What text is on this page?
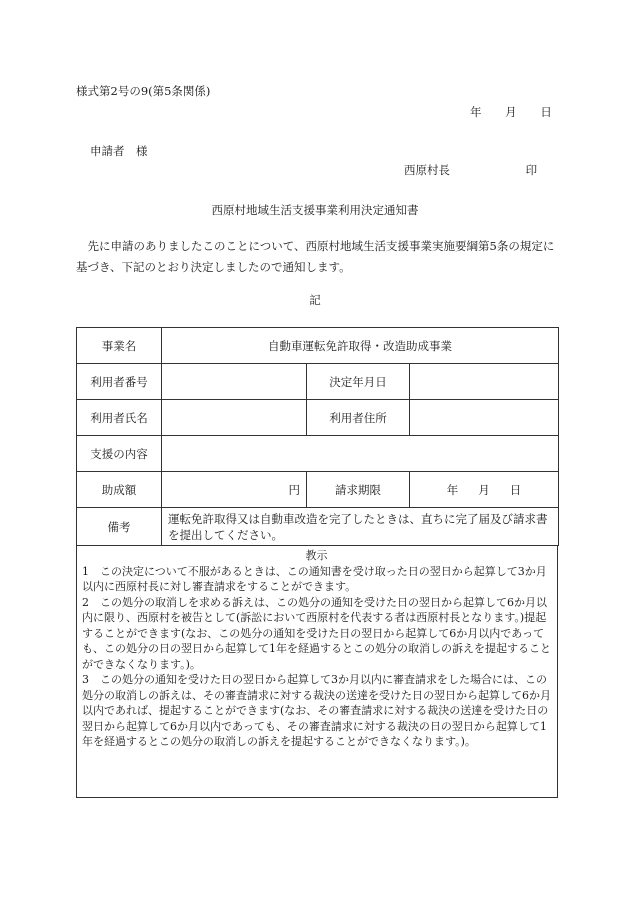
様式第2号の9(第5条関係)
年 月 日
申請者　様
西原村長	印
西原村地域生活支援事業利用決定通知書
先に申請のありましたこのことについて、西原村地域生活支援事業実施要綱第5条の規定に基づき、下記のとおり決定しましたので通知します。
記
事業名	自動車運転免許取得・改造助成事業		
利用者番号		決定年月日	
利用者氏名		利用者住所	
支援の内容			
助成額	円	請求期限	年 月 日
備考	運転免許取得又は自動車改造を完了したときは、直ちに完了届及び請求書を提出してください。		
教示

1　この決定について不服があるときは、この通知書を受け取った日の翌日から起算して3か月以内に西原村長に対し審査請求をすることができます。

2　この処分の取消しを求める訴えは、この処分の通知を受けた日の翌日から起算して6か月以内に限り、西原村を被告として(訴訟において西原村を代表する者は西原村長となります。)提起することができます(なお、この処分の通知を受けた日の翌日から起算して6か月以内であっても、この処分の日の翌日から起算して1年を経過するとこの処分の取消しの訴えを提起することができなくなります。)。

3　この処分の通知を受けた日の翌日から起算して3か月以内に審査請求をした場合には、この処分の取消しの訴えは、その審査請求に対する裁決の送達を受けた日の翌日から起算して6か月以内であれば、提起することができます(なお、その審査請求に対する裁決の送達を受けた日の翌日から起算して6か月以内であっても、その審査請求に対する裁決の日の翌日から起算して1年を経過するとこの処分の取消しの訴えを提起することができなくなります。)。
